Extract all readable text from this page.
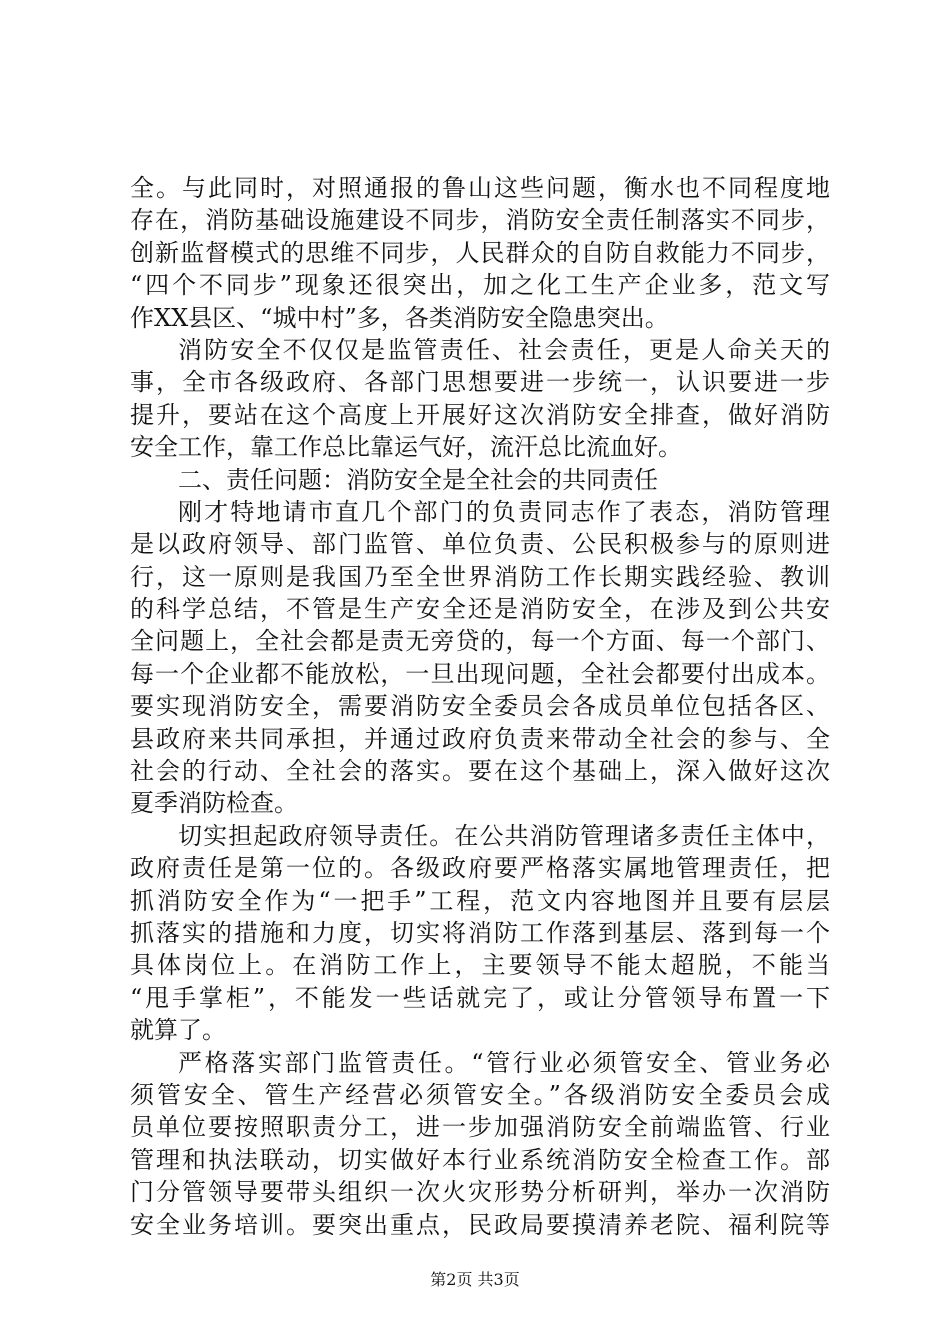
全。与此同时，对照通报的鲁山这些问题，衡水也不同程度地
存在，消防基础设施建设不同步，消防安全责任制落实不同步，
创新监督模式的思维不同步，人民群众的自防自救能力不同步，
“四个不同步”现象还很突出，加之化工生产企业多，范文写
作XX县区、“城中村”多，各类消防安全隐患突出。
消防安全不仅仅是监管责任、社会责任，更是人命关天的
事，全市各级政府、各部门思想要进一步统一，认识要进一步
提升，要站在这个高度上开展好这次消防安全排查，做好消防
安全工作，靠工作总比靠运气好，流汗总比流血好。
二、责任问题：消防安全是全社会的共同责任
刚才特地请市直几个部门的负责同志作了表态，消防管理
是以政府领导、部门监管、单位负责、公民积极参与的原则进
行，这一原则是我国乃至全世界消防工作长期实践经验、教训
的科学总结，不管是生产安全还是消防安全，在涉及到公共安
全问题上，全社会都是责无旁贷的，每一个方面、每一个部门、
每一个企业都不能放松，一旦出现问题，全社会都要付出成本。
要实现消防安全，需要消防安全委员会各成员单位包括各区、
县政府来共同承担，并通过政府负责来带动全社会的参与、全
社会的行动、全社会的落实。要在这个基础上，深入做好这次
夏季消防检查。
切实担起政府领导责任。在公共消防管理诸多责任主体中，
政府责任是第一位的。各级政府要严格落实属地管理责任，把
抓消防安全作为“一把手”工程，范文内容地图并且要有层层
抓落实的措施和力度，切实将消防工作落到基层、落到每一个
具体岗位上。在消防工作上，主要领导不能太超脱，不能当
“甩手掌柜”，不能发一些话就完了，或让分管领导布置一下
就算了。
严格落实部门监管责任。“管行业必须管安全、管业务必
须管安全、管生产经营必须管安全。”各级消防安全委员会成
员单位要按照职责分工，进一步加强消防安全前端监管、行业
管理和执法联动，切实做好本行业系统消防安全检查工作。部
门分管领导要带头组织一次火灾形势分析研判，举办一次消防
安全业务培训。要突出重点，民政局要摸清养老院、福利院等
第2页 共3页
